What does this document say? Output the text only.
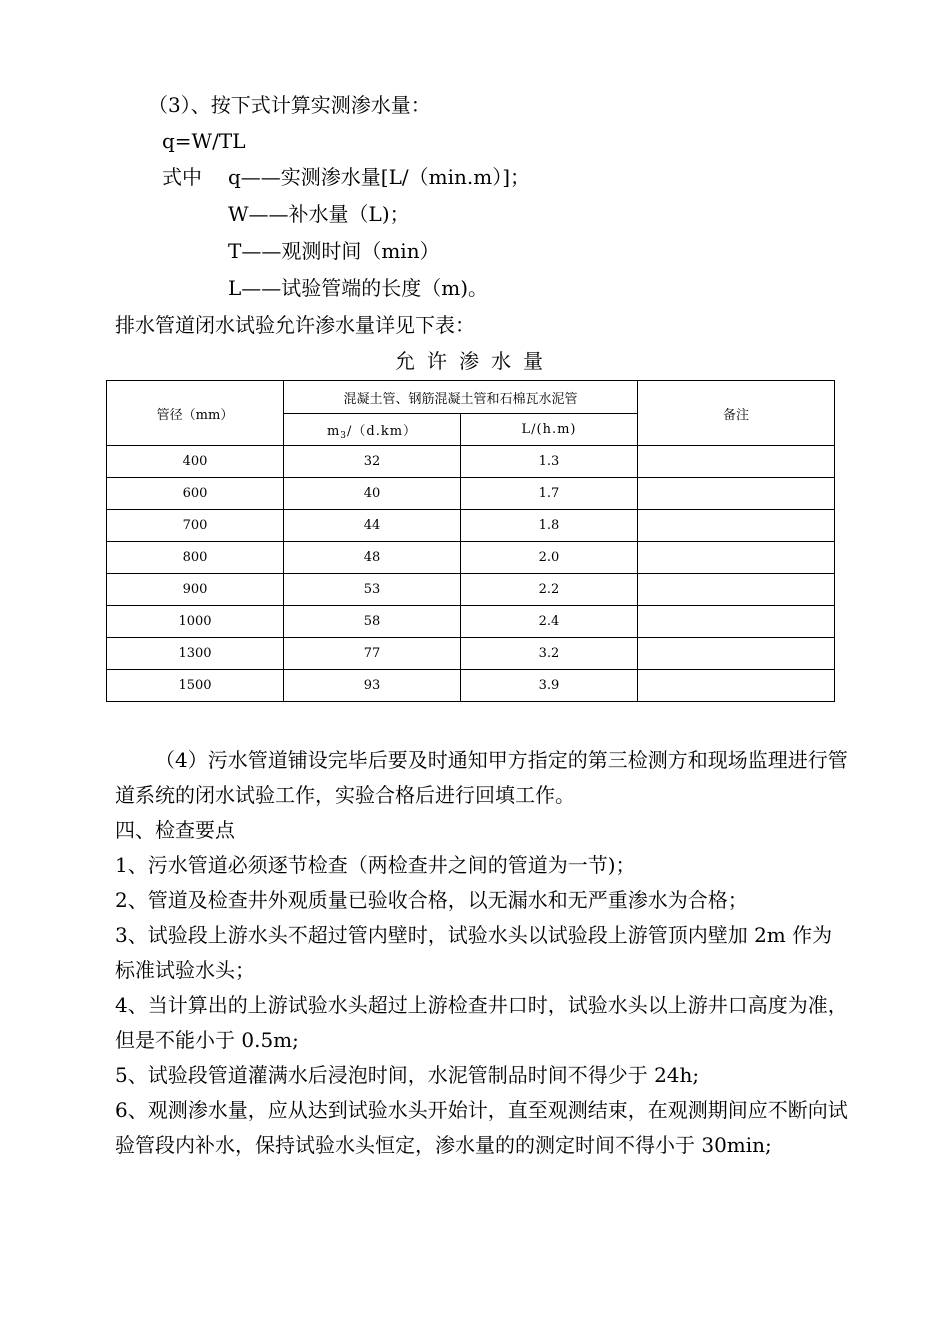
（3）、按下式计算实测渗水量：
q=W/TL
式中 q——实测渗水量[L/（min.m）]；
W——补水量（L)；
T——观测时间（min）
L——试验管端的长度（m)。
排水管道闭水试验允许渗水量详见下表：
允许渗水量
管径（mm）	混凝土管、钢筋混凝土管和石棉瓦水泥管		备注
	$m_3/(d.km)$	L/(h.m)	
400	32	1.3	
600	40	1.7	
700	44	1.8	
800	48	2.0	
900	53	2.2	
1000	58	2.4	
1300	77	3.2	
1500	93	3.9	
（4）污水管道铺设完毕后要及时通知甲方指定的第三检测方和现场监理进行管道系统的闭水试验工作，实验合格后进行回填工作。
四、检查要点
1、污水管道必须逐节检查（两检查井之间的管道为一节)；
2、管道及检查井外观质量已验收合格，以无漏水和无严重渗水为合格；
3、试验段上游水头不超过管内壁时，试验水头以试验段上游管顶内壁加 2m 作为标准试验水头；
4、当计算出的上游试验水头超过上游检查井口时，试验水头以上游井口高度为准，但是不能小于 0.5m;
5、试验段管道灌满水后浸泡时间，水泥管制品时间不得少于 24h;
6、观测渗水量，应从达到试验水头开始计，直至观测结束，在观测期间应不断向试验管段内补水，保持试验水头恒定，渗水量的的测定时间不得小于 30min;
